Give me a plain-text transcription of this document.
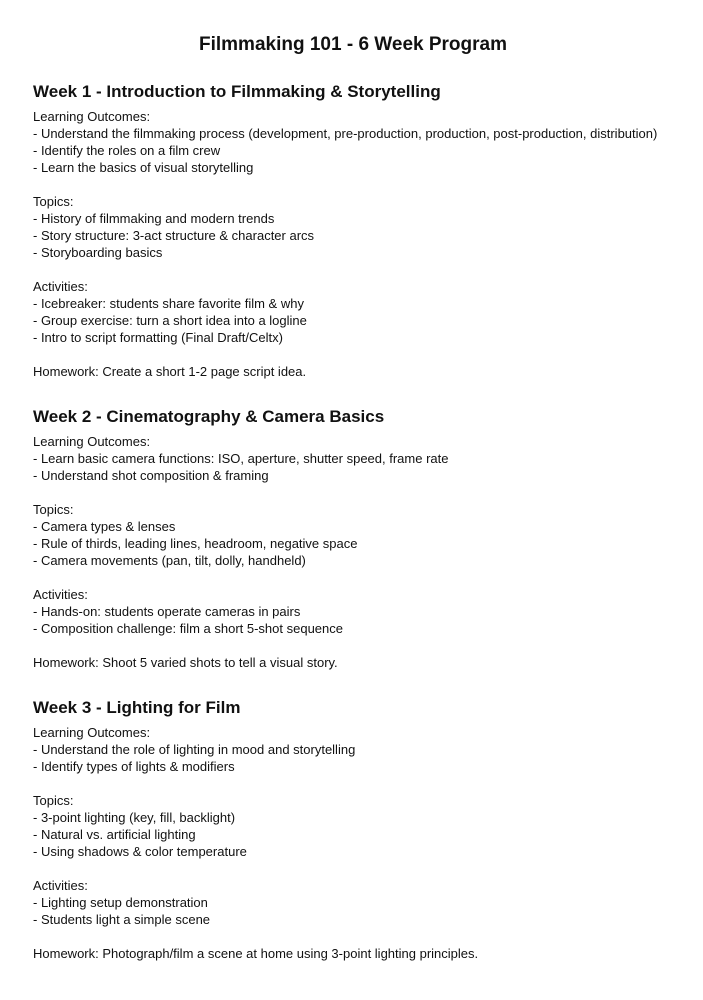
Filmmaking 101 - 6 Week Program
Week 1 - Introduction to Filmmaking & Storytelling

Learning Outcomes:

- Understand the filmmaking process (development, pre-production, production, post-production, distribution)
- Identify the roles on a film crew
- Learn the basics of visual storytelling

Topics:

- History of filmmaking and modern trends
- Story structure: 3-act structure & character arcs
- Storyboarding basics

Activities:

- Icebreaker: students share favorite film & why
- Group exercise: turn a short idea into a logline
- Intro to script formatting (Final Draft/Celtx)

Homework: Create a short 1-2 page script idea.

Week 2 - Cinematography & Camera Basics

Learning Outcomes:

- Learn basic camera functions: ISO, aperture, shutter speed, frame rate
- Understand shot composition & framing

Topics:

- Camera types & lenses
- Rule of thirds, leading lines, headroom, negative space
- Camera movements (pan, tilt, dolly, handheld)

Activities:

- Hands-on: students operate cameras in pairs
- Composition challenge: film a short 5-shot sequence

Homework: Shoot 5 varied shots to tell a visual story.

Week 3 - Lighting for Film

Learning Outcomes:

- Understand the role of lighting in mood and storytelling
- Identify types of lights & modifiers

Topics:

- 3-point lighting (key, fill, backlight)
- Natural vs. artificial lighting
- Using shadows & color temperature

Activities:

- Lighting setup demonstration
- Students light a simple scene

Homework: Photograph/film a scene at home using 3-point lighting principles.
